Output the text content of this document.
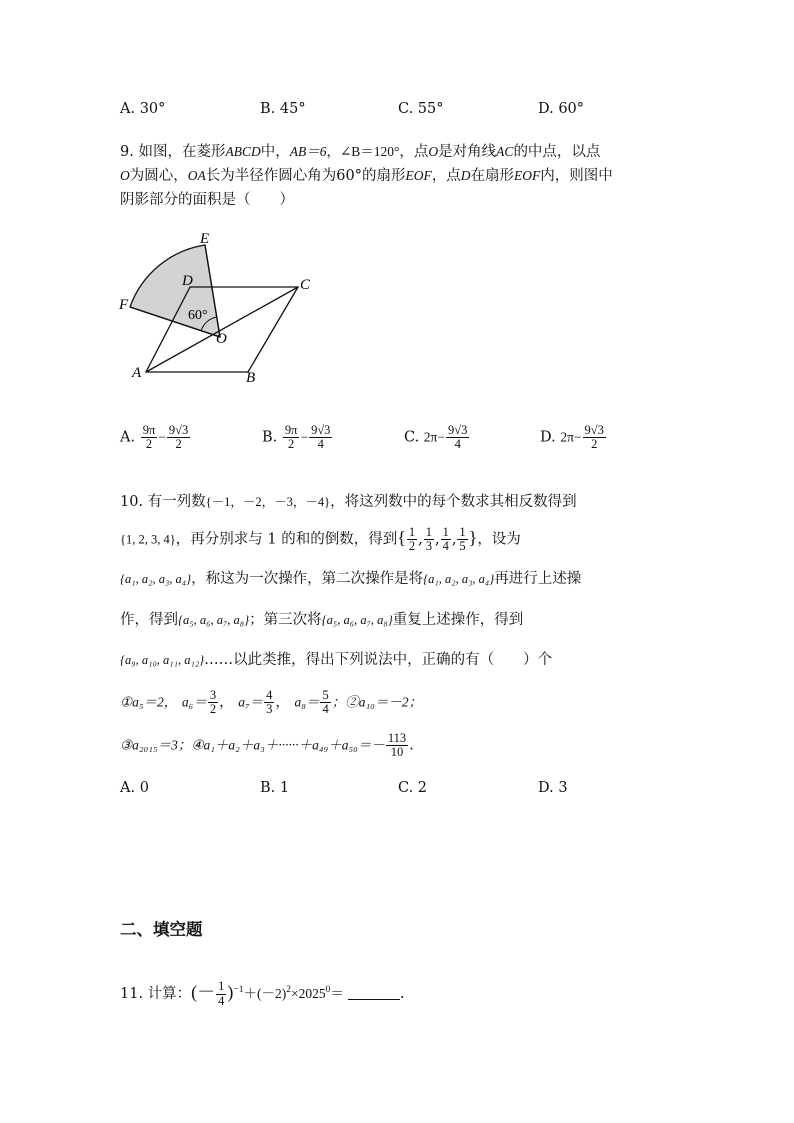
A. 30°	B. 45°	C. 55°	D. 60°
9. 如图，在菱形ABCD中，AB＝6，∠B＝120°，点O是对角线AC的中点，以点
O为圆心，OA长为半径作圆心角为60°的扇形EOF，点D在扇形EOF内，则图中
阴影部分的面积是（　　）
E
D	C
F
60°
O
A	B
A. $\frac{9\pi}{2} - \frac{9√3}{2}$	B. $\frac{9\pi}{2} - \frac{9√3}{4}$	C. $2\pi- \frac{9√3}{4}$	D. $2\pi- \frac{9√3}{2}$
10. 有一列数{－1，－2，－3，－4}，将这列数中的每个数求其相反数得到
{1, 2, 3, 4}，再分别求与 1 的和的倒数，得到{ $\frac{1}{2}$ , $\frac{1}{3}$ , $\frac{1}{4}$ , $\frac{1}{5}$ }，设为
{a₁, a₂, a₃, a₄}，称这为一次操作，第二次操作是将{a₁, a₂, a₃, a₄}再进行上述操
作，得到{a₅, a₆, a₇, a₈}；第三次将{a₅, a₆, a₇, a₈}重复上述操作，得到
{a₉, a₁₀, a₁₁, a₁₂}……以此类推，得出下列说法中，正确的有（　　）个
①a₅＝2， $a_6= \frac{3}{2}$ ， $a_7= \frac{4}{3}$ ， $a_8= \frac{5}{4}$ ；②a₁₀＝－2；
③a₂₀₁₅＝3；④a₁＋a₂＋a₃＋······＋a₄₉＋a₅₀＝－ $\frac{113}{10}$ .
A. 0	B. 1	C. 2	D. 3
二、填空题
11. 计算：(－ $\frac{1}{4} )^{-1}+(-2)^2\times 2025^0=$	.
